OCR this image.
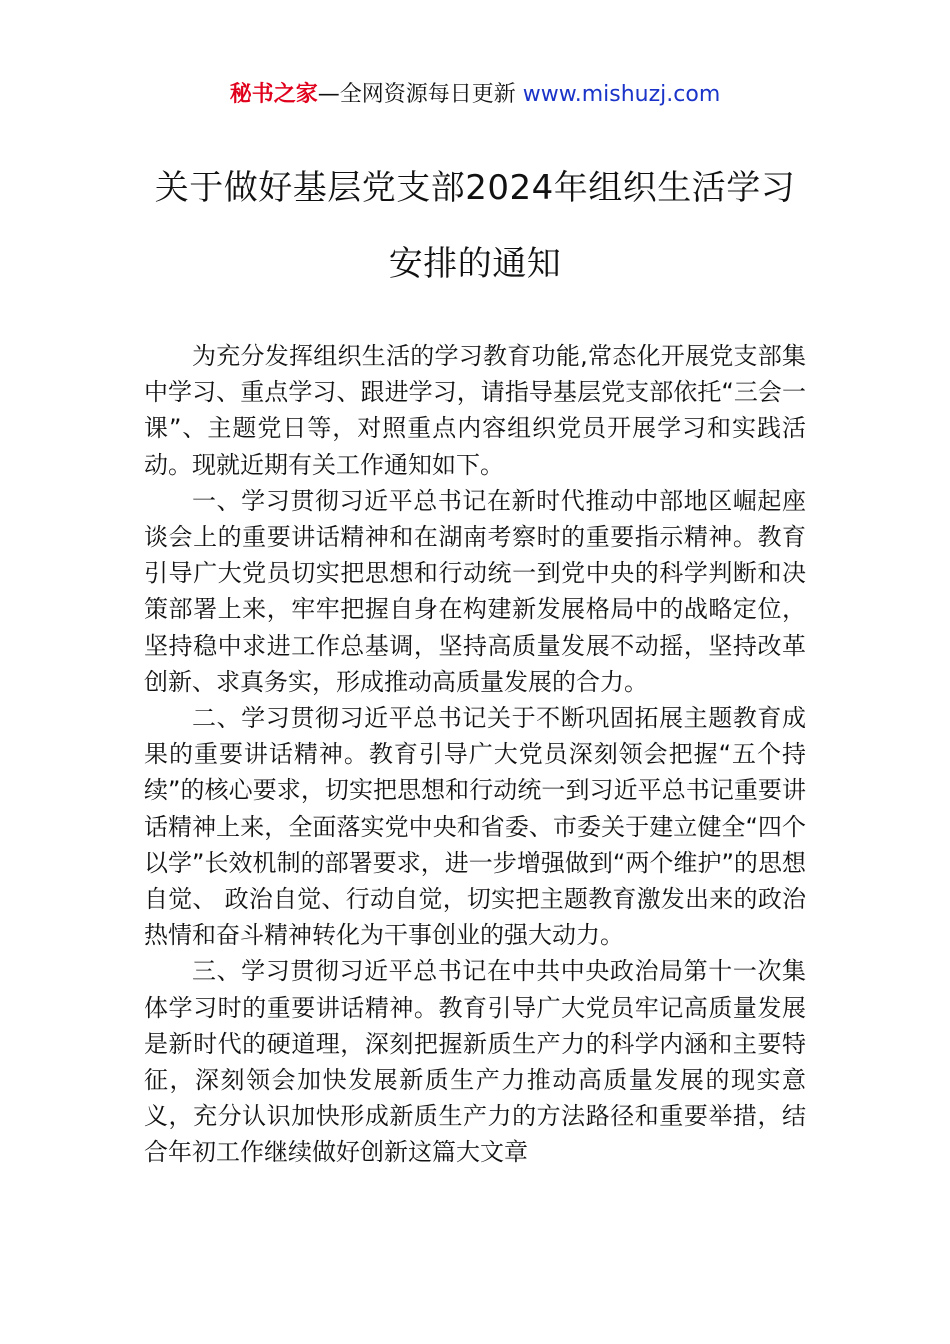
秘书之家—全网资源每日更新 www.mishuzj.com
关于做好基层党支部2024年组织生活学习
安排的通知

为充分发挥组织生活的学习教育功能,常态化开展党支部集中学习、重点学习、跟进学习，请指导基层党支部依托“三会一课”、主题党日等，对照重点内容组织党员开展学习和实践活动。现就近期有关工作通知如下。

一、学习贯彻习近平总书记在新时代推动中部地区崛起座谈会上的重要讲话精神和在湖南考察时的重要指示精神。教育引导广大党员切实把思想和行动统一到党中央的科学判断和决策部署上来，牢牢把握自身在构建新发展格局中的战略定位，坚持稳中求进工作总基调，坚持高质量发展不动摇，坚持改革创新、求真务实，形成推动高质量发展的合力。

二、学习贯彻习近平总书记关于不断巩固拓展主题教育成果的重要讲话精神。教育引导广大党员深刻领会把握“五个持续”的核心要求，切实把思想和行动统一到习近平总书记重要讲话精神上来，全面落实党中央和省委、市委关于建立健全“四个以学”长效机制的部署要求，进一步增强做到“两个维护”的思想自觉、 政治自觉、行动自觉，切实把主题教育激发出来的政治热情和奋斗精神转化为干事创业的强大动力。

三、学习贯彻习近平总书记在中共中央政治局第十一次集体学习时的重要讲话精神。教育引导广大党员牢记高质量发展是新时代的硬道理，深刻把握新质生产力的科学内涵和主要特征，深刻领会加快发展新质生产力推动高质量发展的现实意义，充分认识加快形成新质生产力的方法路径和重要举措，结合年初工作继续做好创新这篇大文章
